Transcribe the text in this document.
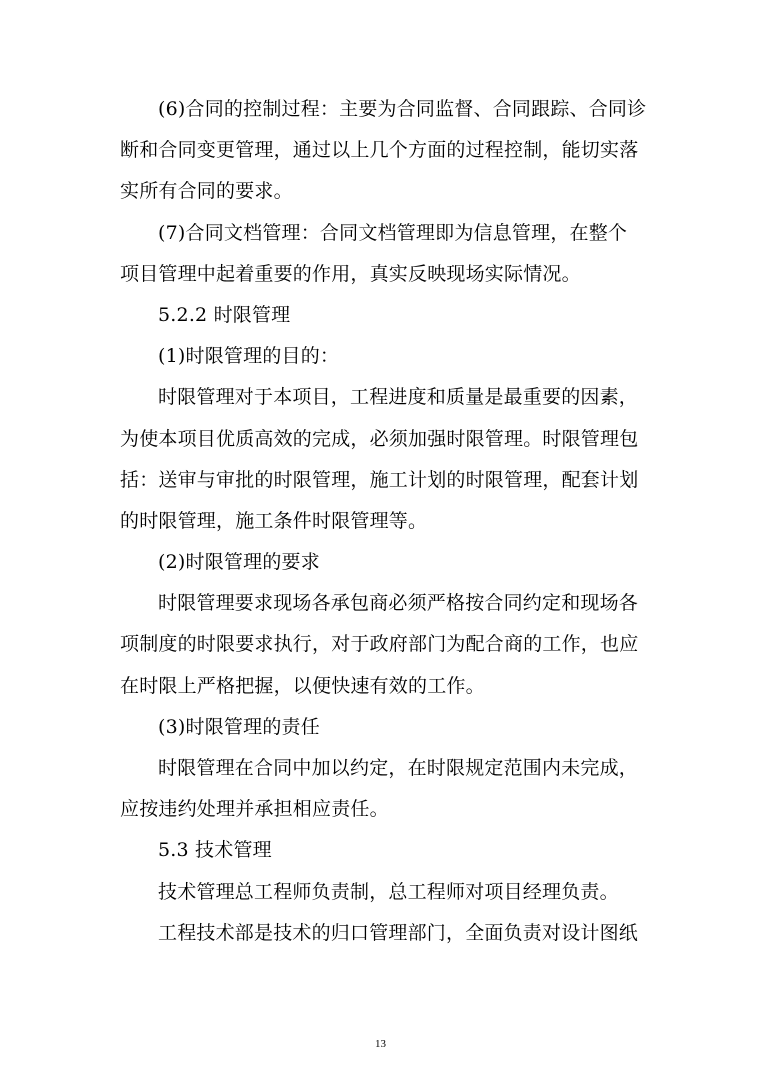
(6)合同的控制过程：主要为合同监督、合同跟踪、合同诊
断和合同变更管理，通过以上几个方面的过程控制，能切实落
实所有合同的要求。
(7)合同文档管理：合同文档管理即为信息管理，在整个
项目管理中起着重要的作用，真实反映现场实际情况。
5.2.2 时限管理
(1)时限管理的目的：
时限管理对于本项目，工程进度和质量是最重要的因素，
为使本项目优质高效的完成，必须加强时限管理。时限管理包
括：送审与审批的时限管理，施工计划的时限管理，配套计划
的时限管理，施工条件时限管理等。
(2)时限管理的要求
时限管理要求现场各承包商必须严格按合同约定和现场各
项制度的时限要求执行，对于政府部门为配合商的工作，也应
在时限上严格把握，以便快速有效的工作。
(3)时限管理的责任
时限管理在合同中加以约定，在时限规定范围内未完成，
应按违约处理并承担相应责任。
5.3 技术管理
技术管理总工程师负责制，总工程师对项目经理负责。
工程技术部是技术的归口管理部门，全面负责对设计图纸
13
